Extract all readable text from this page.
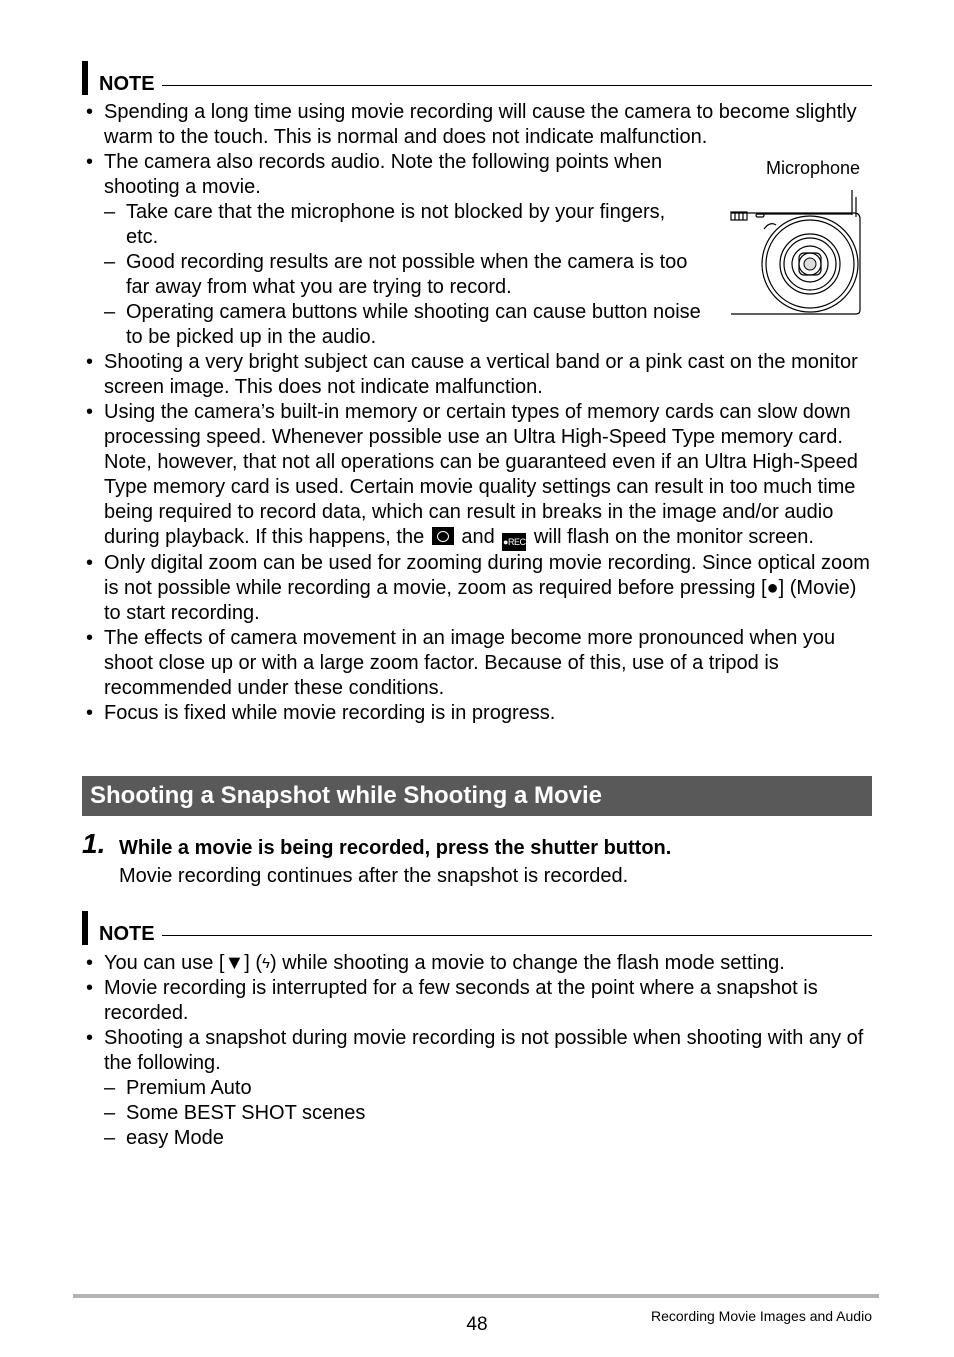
NOTE
• Spending a long time using movie recording will cause the camera to become slightly warm to the touch. This is normal and does not indicate malfunction.
• The camera also records audio. Note the following points when shooting a movie.
– Take care that the microphone is not blocked by your fingers, etc.
– Good recording results are not possible when the camera is too far away from what you are trying to record.
– Operating camera buttons while shooting can cause button noise to be picked up in the audio.
Microphone
• Shooting a very bright subject can cause a vertical band or a pink cast on the monitor screen image. This does not indicate malfunction.
• Using the camera’s built-in memory or certain types of memory cards can slow down processing speed. Whenever possible use an Ultra High-Speed Type memory card. Note, however, that not all operations can be guaranteed even if an Ultra High-Speed Type memory card is used. Certain movie quality settings can result in too much time being required to record data, which can result in breaks in the image and/or audio during playback. If this happens, the and ●REC will flash on the monitor screen.
• Only digital zoom can be used for zooming during movie recording. Since optical zoom is not possible while recording a movie, zoom as required before pressing [●] (Movie) to start recording.
• The effects of camera movement in an image become more pronounced when you shoot close up or with a large zoom factor. Because of this, use of a tripod is recommended under these conditions.
• Focus is fixed while movie recording is in progress.
Shooting a Snapshot while Shooting a Movie
1. While a movie is being recorded, press the shutter button.
Movie recording continues after the snapshot is recorded.
NOTE
• You can use [▼] (ϟ) while shooting a movie to change the flash mode setting.
• Movie recording is interrupted for a few seconds at the point where a snapshot is recorded.
• Shooting a snapshot during movie recording is not possible when shooting with any of the following.
– Premium Auto
– Some BEST SHOT scenes
– easy Mode
48	Recording Movie Images and Audio
